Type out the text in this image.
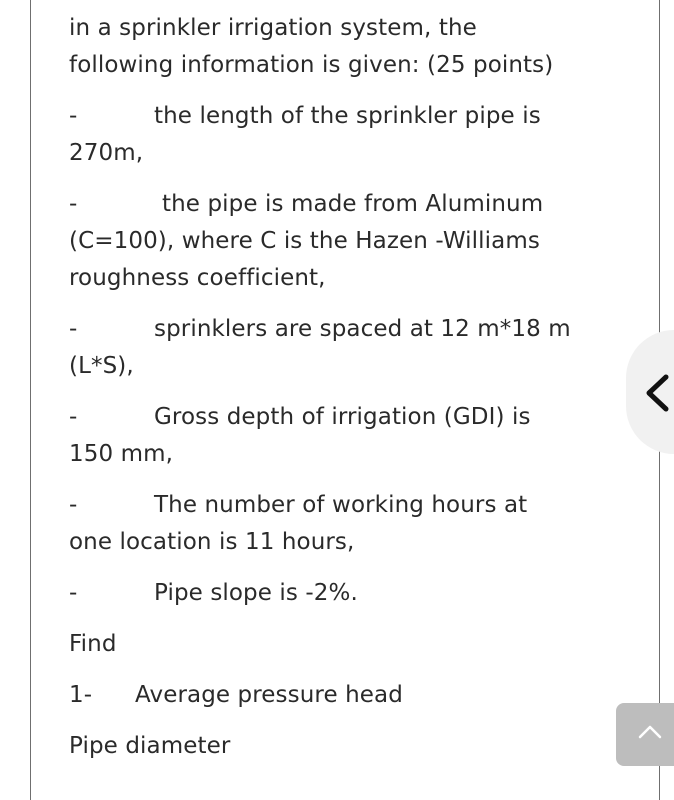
in a sprinkler irrigation system, the

following information is given: (25 points)

-	the length of the sprinkler pipe is
270m,
-	the pipe is made from Aluminum
(C=100), where C is the Hazen -Williams
roughness coefficient,
-	sprinklers are spaced at 12 m*18 m
(L*S),
-	Gross depth of irrigation (GDI) is
150 mm,
-	The number of working hours at
one location is 11 hours,
-	Pipe slope is -2%.

Find

1-	Average pressure head

Pipe diameter
